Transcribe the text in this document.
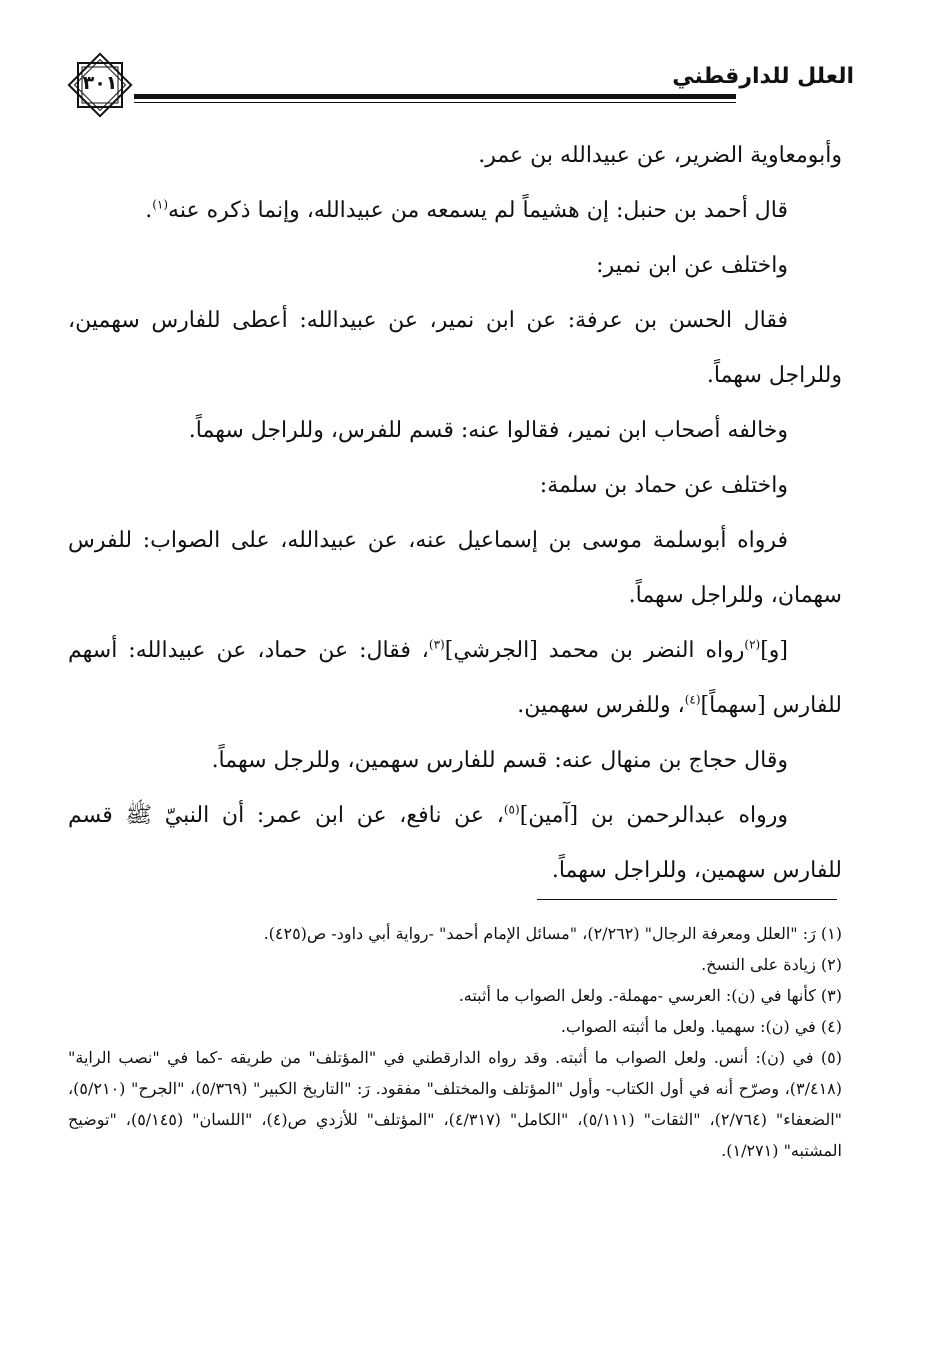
العلل للدارقطني
٣٠١

وأبومعاوية الضرير، عن عبيدالله بن عمر.

قال أحمد بن حنبل: إن هشيماً لم يسمعه من عبيدالله، وإنما ذكره عنه$^{(١)}$.

واختلف عن ابن نمير:

فقال الحسن بن عرفة: عن ابن نمير، عن عبيدالله: أعطى للفارس سهمين، وللراجل سهماً.

وخالفه أصحاب ابن نمير، فقالوا عنه: قسم للفرس، وللراجل سهماً.

واختلف عن حماد بن سلمة:

فرواه أبوسلمة موسى بن إسماعيل عنه، عن عبيدالله، على الصواب: للفرس سهمان، وللراجل سهماً.

[و]$^{(٢)}$رواه النضر بن محمد [الجرشي]$^{(٣)}$، فقال: عن حماد، عن عبيدالله: أسهم للفارس [سهماً]$^{(٤)}$، وللفرس سهمين.

وقال حجاج بن منهال عنه: قسم للفارس سهمين، وللرجل سهماً.

ورواه عبدالرحمن بن [آمين]$^{(٥)}$، عن نافع، عن ابن عمر: أن النبيّ ﷺ قسم للفارس سهمين، وللراجل سهماً.

(١) رَ: "العلل ومعرفة الرجال" (٢/٢٦٢)، "مسائل الإمام أحمد" -رواية أبي داود- ص(٤٢٥).

(٢) زيادة على النسخ.

(٣) كأنها في (ن): العرسي -مهملة-. ولعل الصواب ما أثبته.

(٤) في (ن): سهميا. ولعل ما أثبته الصواب.

(٥) في (ن): أنس. ولعل الصواب ما أثبته. وقد رواه الدارقطني في "المؤتلف" من طريقه -كما في "نصب الراية" (٣/٤١٨)، وصرّح أنه في أول الكتاب- وأول "المؤتلف والمختلف" مفقود. رَ: "التاريخ الكبير" (٥/٣٦٩)، "الجرح" (٥/٢١٠)، "الضعفاء" (٢/٧٦٤)، "الثقات" (٥/١١١)، "الكامل" (٤/٣١٧)، "المؤتلف" للأزدي ص(٤)، "اللسان" (٥/١٤٥)، "توضيح المشتبه" (١/٢٧١).
